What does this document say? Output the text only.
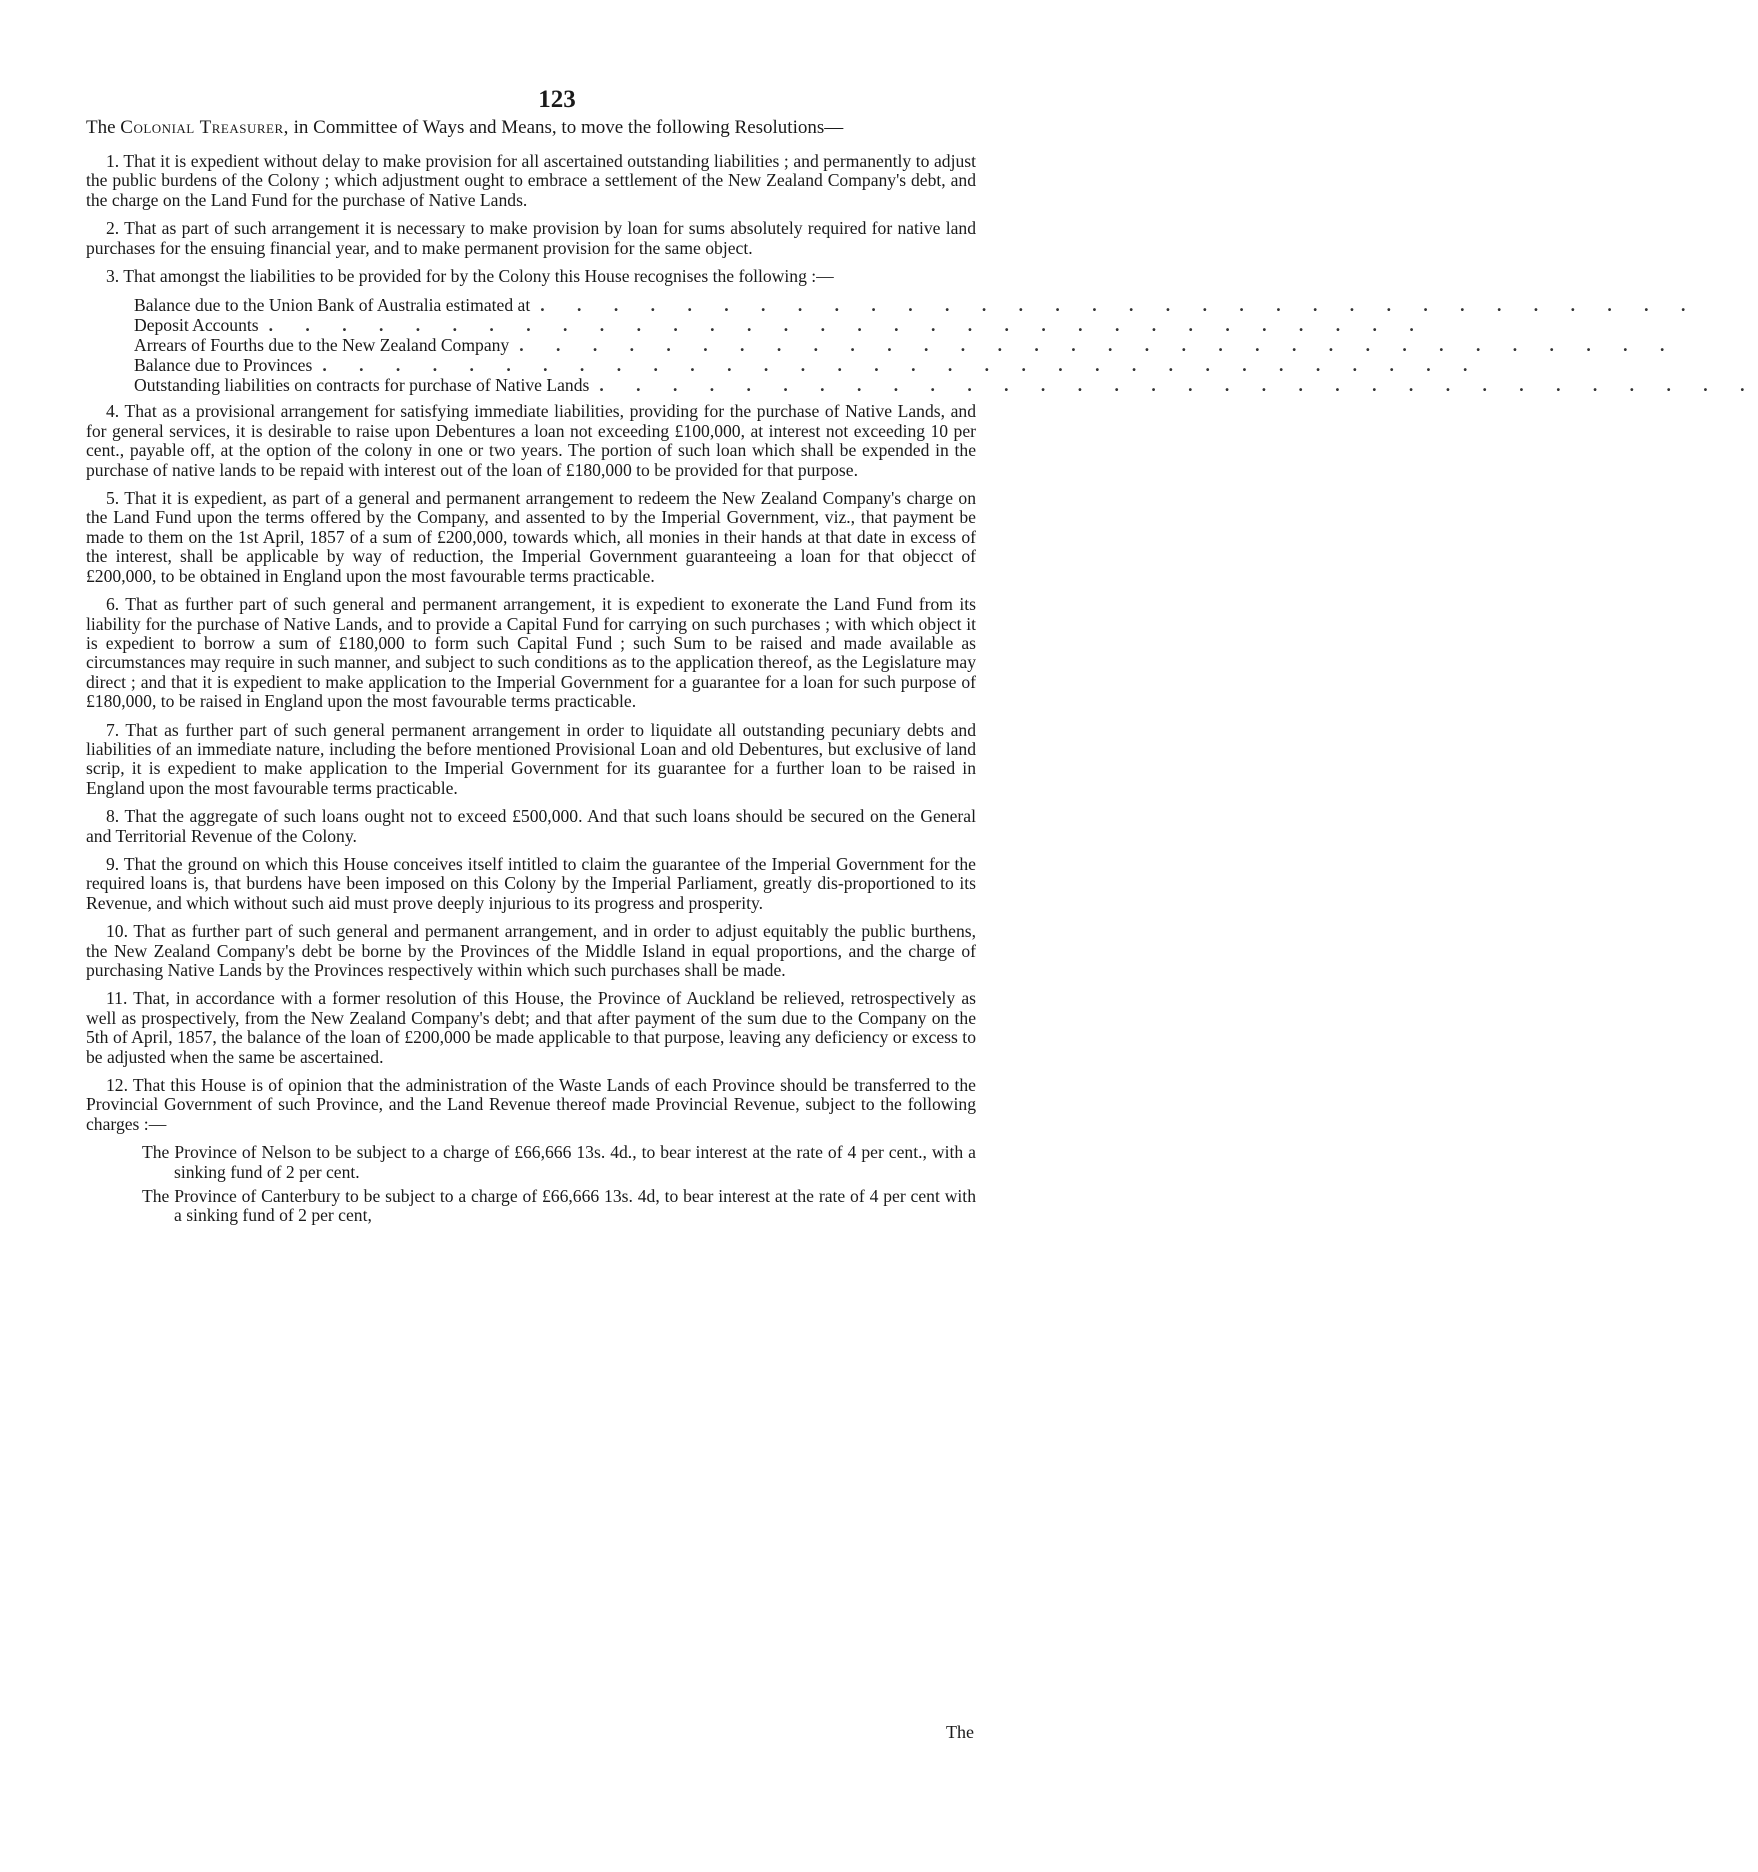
123

The Colonial Treasurer, in Committee of Ways and Means, to move the following Resolutions—

1. That it is expedient without delay to make provision for all ascertained outstanding liabilities ; and permanently to adjust the public burdens of the Colony ; which adjustment ought to embrace a settlement of the New Zealand Company's debt, and the charge on the Land Fund for the purchase of Native Lands.

2. That as part of such arrangement it is necessary to make provision by loan for sums absolutely required for native land purchases for the ensuing financial year, and to make permanent provision for the same object.

3. That amongst the liabilities to be provided for by the Colony this House recognises the following :—

Balance due to the Union Bank of Australia estimated at . . . . . . . . . . . . . . . . . . . . . . . . . . . . . . . .
Deposit Accounts . . . . . . . . . . . . . . . . . . . . . . . . . . . . . . . .
Arrears of Fourths due to the New Zealand Company . . . . . . . . . . . . . . . . . . . . . . . . . . . . . . . .
Balance due to Provinces . . . . . . . . . . . . . . . . . . . . . . . . . . . . . . . .
Outstanding liabilities on contracts for purchase of Native Lands . . . . . . . . . . . . . . . . . . . . . . . . . . . . . . . .

4. That as a provisional arrangement for satisfying immediate liabilities, providing for the purchase of Native Lands, and for general services, it is desirable to raise upon Debentures a loan not exceeding £100,000, at interest not exceeding 10 per cent., payable off, at the option of the colony in one or two years. The portion of such loan which shall be expended in the purchase of native lands to be repaid with interest out of the loan of £180,000 to be provided for that purpose.

5. That it is expedient, as part of a general and permanent arrangement to redeem the New Zealand Company's charge on the Land Fund upon the terms offered by the Company, and assented to by the Imperial Government, viz., that payment be made to them on the 1st April, 1857 of a sum of £200,000, towards which, all monies in their hands at that date in excess of the interest, shall be applicable by way of reduction, the Imperial Government guaranteeing a loan for that objecct of £200,000, to be obtained in England upon the most favourable terms practicable.

6. That as further part of such general and permanent arrangement, it is expedient to exonerate the Land Fund from its liability for the purchase of Native Lands, and to provide a Capital Fund for carrying on such purchases ; with which object it is expedient to borrow a sum of £180,000 to form such Capital Fund ; such Sum to be raised and made available as circumstances may require in such manner, and subject to such conditions as to the application thereof, as the Legislature may direct ; and that it is expedient to make application to the Imperial Government for a guarantee for a loan for such purpose of £180,000, to be raised in England upon the most favourable terms practicable.

7. That as further part of such general permanent arrangement in order to liquidate all outstanding pecuniary debts and liabilities of an immediate nature, including the before mentioned Provisional Loan and old Debentures, but exclusive of land scrip, it is expedient to make application to the Imperial Government for its guarantee for a further loan to be raised in England upon the most favourable terms practicable.

8. That the aggregate of such loans ought not to exceed £500,000. And that such loans should be secured on the General and Territorial Revenue of the Colony.

9. That the ground on which this House conceives itself intitled to claim the guarantee of the Imperial Government for the required loans is, that burdens have been imposed on this Colony by the Imperial Parliament, greatly dis-proportioned to its Revenue, and which without such aid must prove deeply injurious to its progress and prosperity.

10. That as further part of such general and permanent arrangement, and in order to adjust equitably the public burthens, the New Zealand Company's debt be borne by the Provinces of the Middle Island in equal proportions, and the charge of purchasing Native Lands by the Provinces respectively within which such purchases shall be made.

11. That, in accordance with a former resolution of this House, the Province of Auckland be relieved, retrospectively as well as prospectively, from the New Zealand Company's debt; and that after payment of the sum due to the Company on the 5th of April, 1857, the balance of the loan of £200,000 be made applicable to that purpose, leaving any deficiency or excess to be adjusted when the same be ascertained.

12. That this House is of opinion that the administration of the Waste Lands of each Province should be transferred to the Provincial Government of such Province, and the Land Revenue thereof made Provincial Revenue, subject to the following charges :—

The Province of Nelson to be subject to a charge of £66,666 13s. 4d., to bear interest at the rate of 4 per cent., with a sinking fund of 2 per cent.

The Province of Canterbury to be subject to a charge of £66,666 13s. 4d, to bear interest at the rate of 4 per cent with a sinking fund of 2 per cent,

The
